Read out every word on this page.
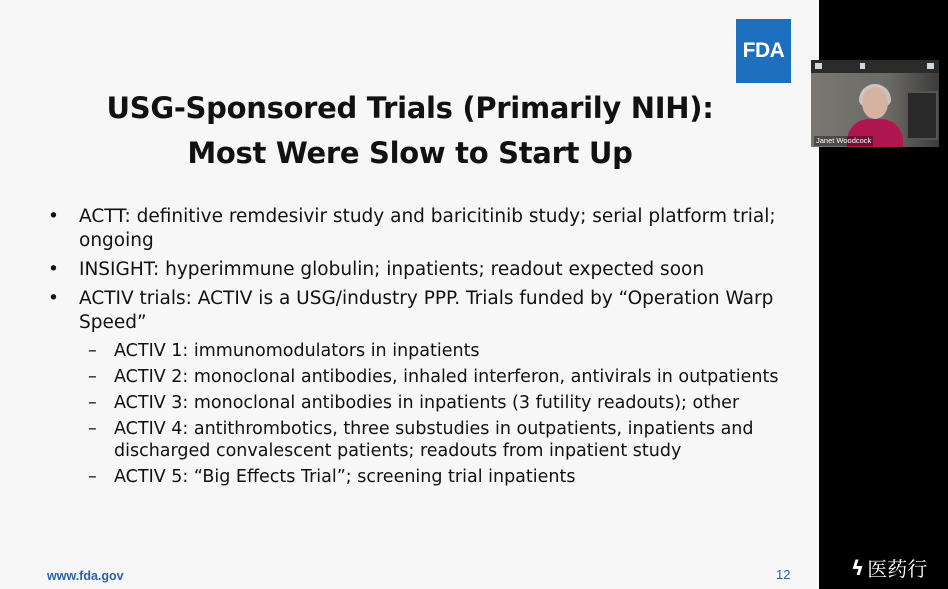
FDA
USG-Sponsored Trials (Primarily NIH):
Most Were Slow to Start Up
• ACTT: definitive remdesivir study and baricitinib study; serial platform trial; ongoing
• INSIGHT: hyperimmune globulin; inpatients; readout expected soon
• ACTIV trials: ACTIV is a USG/industry PPP. Trials funded by “Operation Warp Speed”
– ACTIV 1: immunomodulators in inpatients
– ACTIV 2: monoclonal antibodies, inhaled interferon, antivirals in outpatients
– ACTIV 3: monoclonal antibodies in inpatients (3 futility readouts); other
– ACTIV 4: antithrombotics, three substudies in outpatients, inpatients and discharged convalescent patients; readouts from inpatient study
– ACTIV 5: “Big Effects Trial”; screening trial inpatients
www.fda.gov	12
Janet Woodcock
ϟ 医药行
